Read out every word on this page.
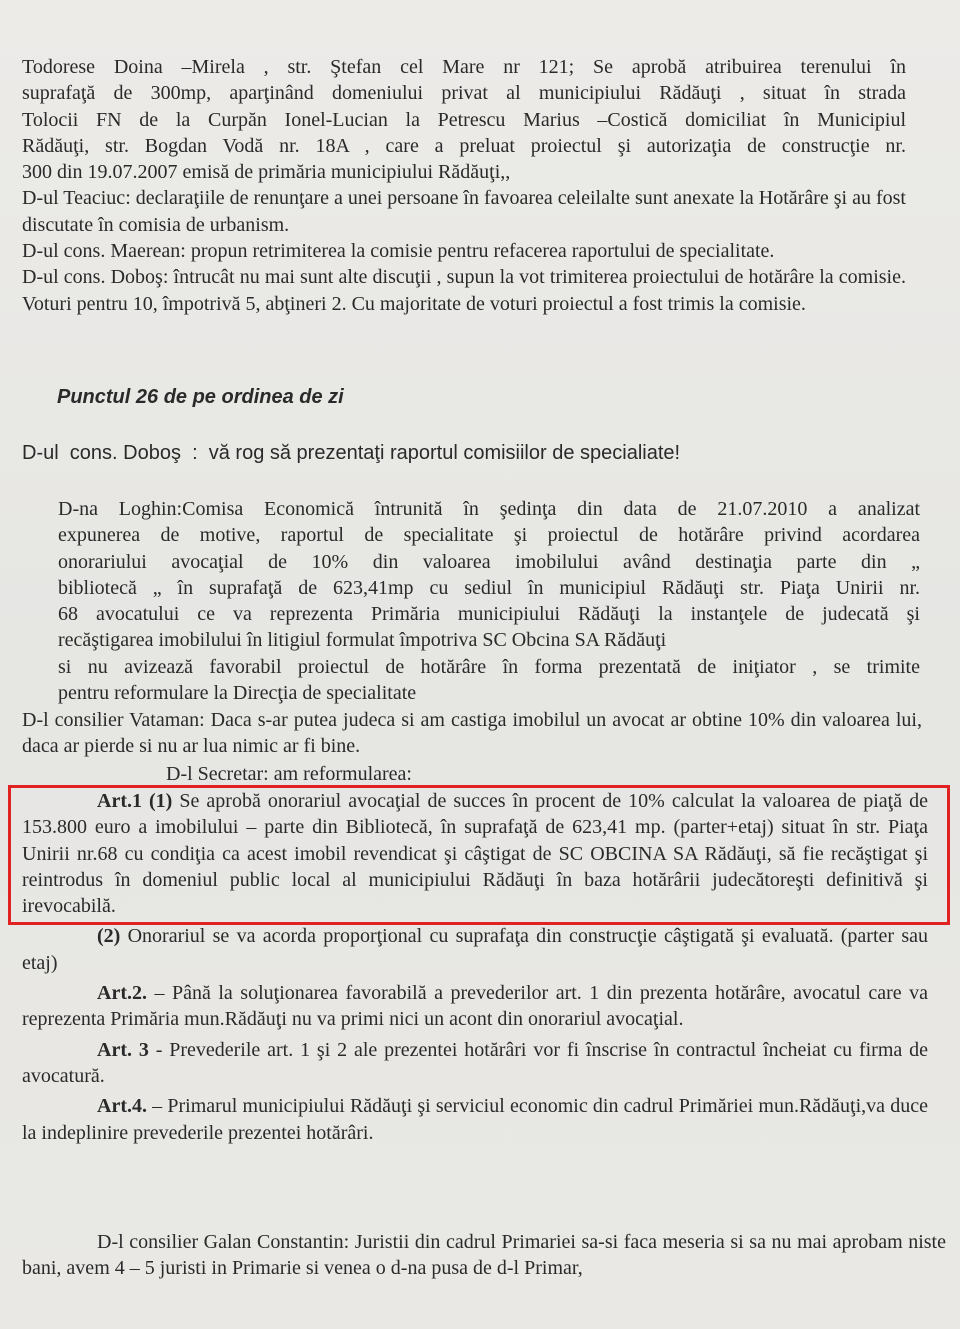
Todorese Doina –Mirela , str. Ştefan cel Mare nr 121; Se aprobă atribuirea terenului în

suprafaţă de 300mp, aparţinând domeniului privat al municipiului Rădăuţi , situat în strada

Tolocii FN de la Curpăn Ionel-Lucian la Petrescu Marius –Costică domiciliat în Municipiul

Rădăuţi, str. Bogdan Vodă nr. 18A , care a preluat proiectul şi autorizaţia de construcţie nr.

300 din 19.07.2007 emisă de primăria municipiului Rădăuţi,,

D-ul Teaciuc: declaraţiile de renunţare a unei persoane în favoarea celeilalte sunt anexate la Hotărâre şi au fost discutate în comisia de urbanism.

D-ul cons. Maerean: propun retrimiterea la comisie pentru refacerea raportului de specialitate.

D-ul cons. Doboş: întrucât nu mai sunt alte discuţii , supun la vot trimiterea proiectului de hotărâre la comisie. Voturi pentru 10, împotrivă 5, abţineri 2. Cu majoritate de voturi proiectul a fost trimis la comisie.

Punctul 26 de pe ordinea de zi
D-ul  cons. Doboş  :  vă rog să prezentaţi raportul comisiilor de specialiate!

D-na Loghin:Comisa Economică întrunită în şedinţa din data de 21.07.2010 a analizat

expunerea de motive, raportul de specialitate şi proiectul de hotărâre privind acordarea

onorariului avocaţial de 10% din valoarea imobilului având destinaţia parte din „

bibliotecă „ în suprafaţă de 623,41mp cu sediul în municipiul Rădăuţi str. Piaţa Unirii nr.

68 avocatului ce va reprezenta Primăria municipiului Rădăuţi la instanţele de judecată şi

recăştigarea imobilului în litigiul formulat împotriva SC Obcina SA Rădăuţi

si nu avizează favorabil proiectul de hotărâre în forma prezentată de iniţiator , se trimite

pentru reformulare la Direcţia de specialitate

D-l consilier Vataman: Daca s-ar putea judeca si am castiga imobilul un avocat ar obtine 10% din valoarea lui, daca ar pierde si nu ar lua nimic ar fi bine.
D-l Secretar: am reformularea:

Art.1 (1) Se aprobă onorariul avocaţial de succes în procent de 10% calculat la valoarea de piaţă de 153.800 euro a imobilului – parte din Bibliotecă, în suprafaţă de 623,41 mp. (parter+etaj) situat în str. Piaţa Unirii nr.68 cu condiţia ca acest imobil revendicat şi câştigat de SC OBCINA SA Rădăuţi, să fie recăştigat şi reintrodus în domeniul public local al municipiului Rădăuţi în baza hotărârii judecătoreşti definitivă şi irevocabilă.

(2) Onorariul se va acorda proporţional cu suprafaţa din construcţie câştigată şi evaluată. (parter sau etaj)

Art.2. – Până la soluţionarea favorabilă a prevederilor art. 1 din prezenta hotărâre, avocatul care va reprezenta Primăria mun.Rădăuţi nu va primi nici un acont din onorariul avocaţial.

Art. 3 - Prevederile art. 1 şi 2 ale prezentei hotărâri vor fi înscrise în contractul încheiat cu firma de avocatură.

Art.4. – Primarul municipiului Rădăuţi şi serviciul economic din cadrul Primăriei mun.Rădăuţi,va duce la indeplinire prevederile prezentei hotărâri.

D-l consilier Galan Constantin: Juristii din cadrul Primariei sa-si faca meseria si sa nu mai aprobam niste bani, avem 4 – 5 juristi in Primarie si venea o d-na pusa de d-l Primar,
